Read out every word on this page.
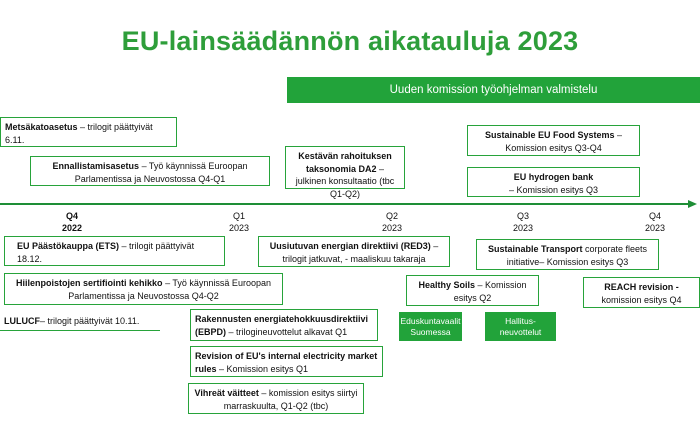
EU-lainsäädännön aikatauluja 2023
Uuden komission työohjelman valmistelu
Metsäkatoasetus – trilogit päättyivät 6.11.
Ennallistamisasetus – Työ käynnissä Euroopan Parlamentissa ja Neuvostossa Q4-Q1
Kestävän rahoituksen taksonomia DA2 – julkinen konsultaatio (tbc Q1-Q2)
Sustainable EU Food Systems – Komission esitys Q3-Q4
EU hydrogen bank
– Komission esitys Q3
Q4
2022
Q1
2023
Q2
2023
Q3
2023
Q4
2023
EU Päästökauppa (ETS) – trilogit päättyivät 18.12.
Uusiutuvan energian direktiivi (RED3) – trilogit jatkuvat, - maaliskuu takaraja
Sustainable Transport corporate fleets initiative– Komission esitys Q3
Hiilenpoistojen sertifiointi kehikko – Työ käynnissä Euroopan Parlamentissa ja Neuvostossa Q4-Q2
Healthy Soils – Komission esitys Q2
REACH revision - komission esitys Q4
LULUCF– trilogit päättyivät 10.11.	Rakennusten energiatehokkuusdirektiivi (EBPD) – trilogineuvottelut alkavat Q1
Eduskuntavaalit Suomessa
Hallitus-neuvottelut
Revision of EU's internal electricity market rules – Komission esitys Q1
Vihreät väitteet – komission esitys siirtyi marraskuulta, Q1-Q2 (tbc)
